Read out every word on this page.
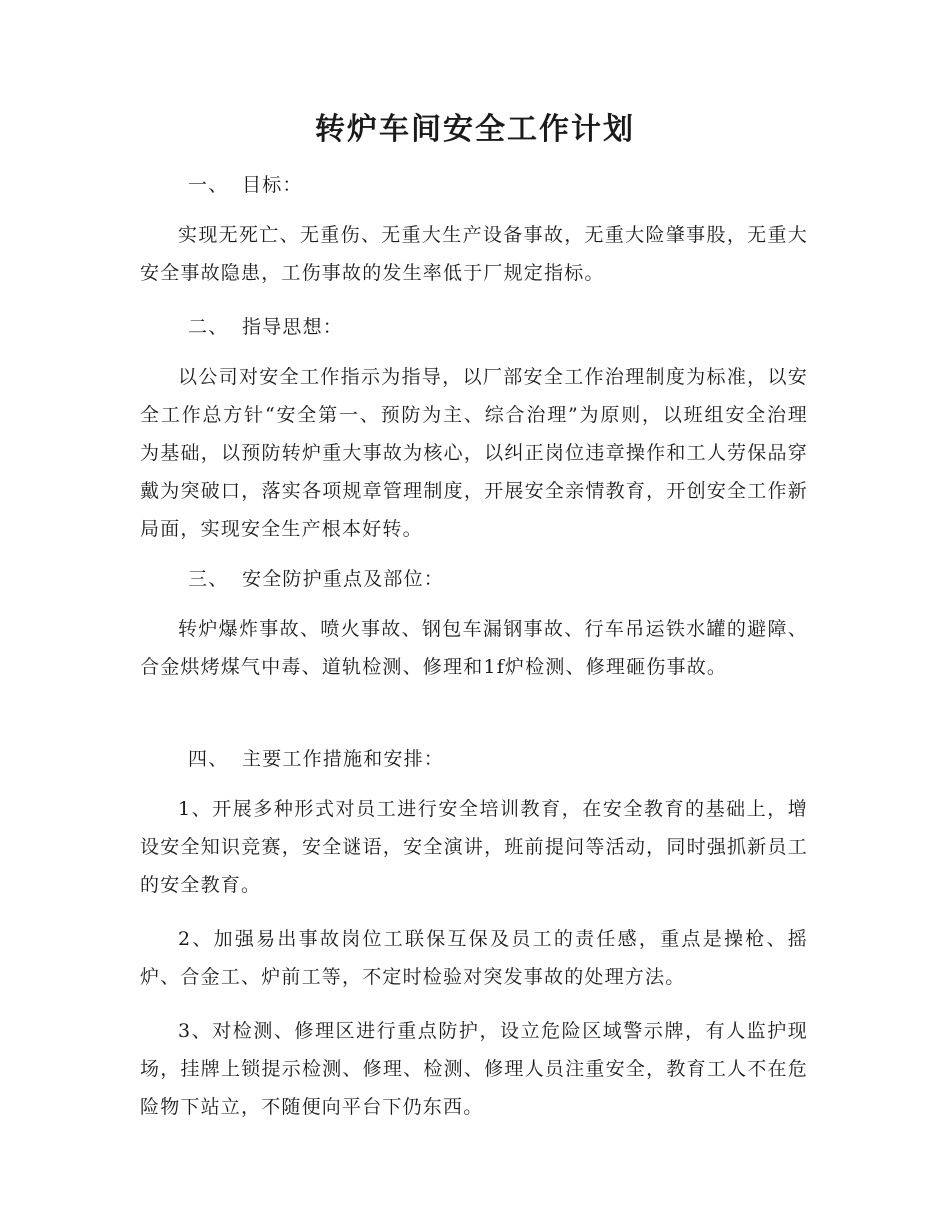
转炉车间安全工作计划

一、 目标：

实现无死亡、无重伤、无重大生产设备事故，无重大险肇事股，无重大安全事故隐患，工伤事故的发生率低于厂规定指标。

二、 指导思想：

以公司对安全工作指示为指导，以厂部安全工作治理制度为标准，以安全工作总方针“安全第一、预防为主、综合治理”为原则，以班组安全治理为基础，以预防转炉重大事故为核心，以纠正岗位违章操作和工人劳保品穿戴为突破口，落实各项规章管理制度，开展安全亲情教育，开创安全工作新局面，实现安全生产根本好转。

三、 安全防护重点及部位：

转炉爆炸事故、喷火事故、钢包车漏钢事故、行车吊运铁水罐的避障、合金烘烤煤气中毒、道轨检测、修理和1f炉检测、修理砸伤事故。

四、 主要工作措施和安排：

1、开展多种形式对员工进行安全培训教育，在安全教育的基础上，增设安全知识竞赛，安全谜语，安全演讲，班前提问等活动，同时强抓新员工的安全教育。

2、加强易出事故岗位工联保互保及员工的责任感，重点是操枪、摇炉、合金工、炉前工等，不定时检验对突发事故的处理方法。

3、对检测、修理区进行重点防护，设立危险区域警示牌，有人监护现场，挂牌上锁提示检测、修理、检测、修理人员注重安全，教育工人不在危险物下站立，不随便向平台下仍东西。
